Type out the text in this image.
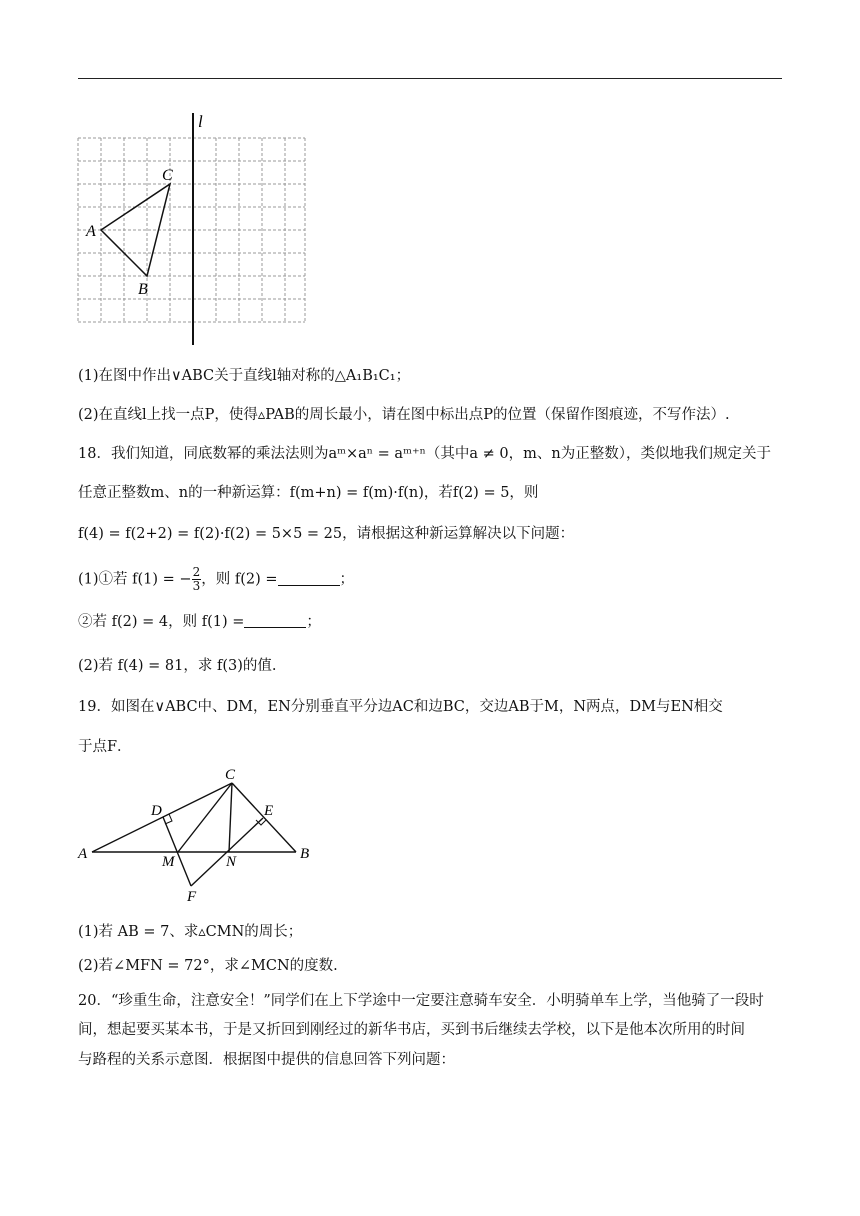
l
A
B
C
(1)在图中作出∨ABC关于直线l轴对称的△A₁B₁C₁；
(2)在直线l上找一点P，使得▵PAB的周长最小，请在图中标出点P的位置（保留作图痕迹，不写作法）.
18．我们知道，同底数幂的乘法法则为aᵐ×aⁿ = aᵐ⁺ⁿ（其中a ≠ 0，m、n为正整数），类似地我们规定关于
任意正整数m、n的一种新运算：f(m+n) = f(m)·f(n)，若f(2) = 5，则
f(4) = f(2+2) = f(2)·f(2) = 5×5 = 25，请根据这种新运算解决以下问题：
(1)①若 f(1) = − $\frac{2}{3}$ ，则 f(2) =	；
②若 f(2) = 4，则 f(1) =	；
(2)若 f(4) = 81，求 f(3)的值.
19．如图在∨ABC中、DM，EN分别垂直平分边AC和边BC，交边AB于M，N两点，DM与EN相交
于点F．
A	B
C
D	E
M	N
F
(1)若 AB = 7、求▵CMN的周长；
(2)若∠MFN = 72°，求∠MCN的度数.
20．“珍重生命，注意安全！”同学们在上下学途中一定要注意骑车安全．小明骑单车上学，当他骑了一段时
间，想起要买某本书，于是又折回到刚经过的新华书店，买到书后继续去学校，以下是他本次所用的时间
与路程的关系示意图．根据图中提供的信息回答下列问题：
